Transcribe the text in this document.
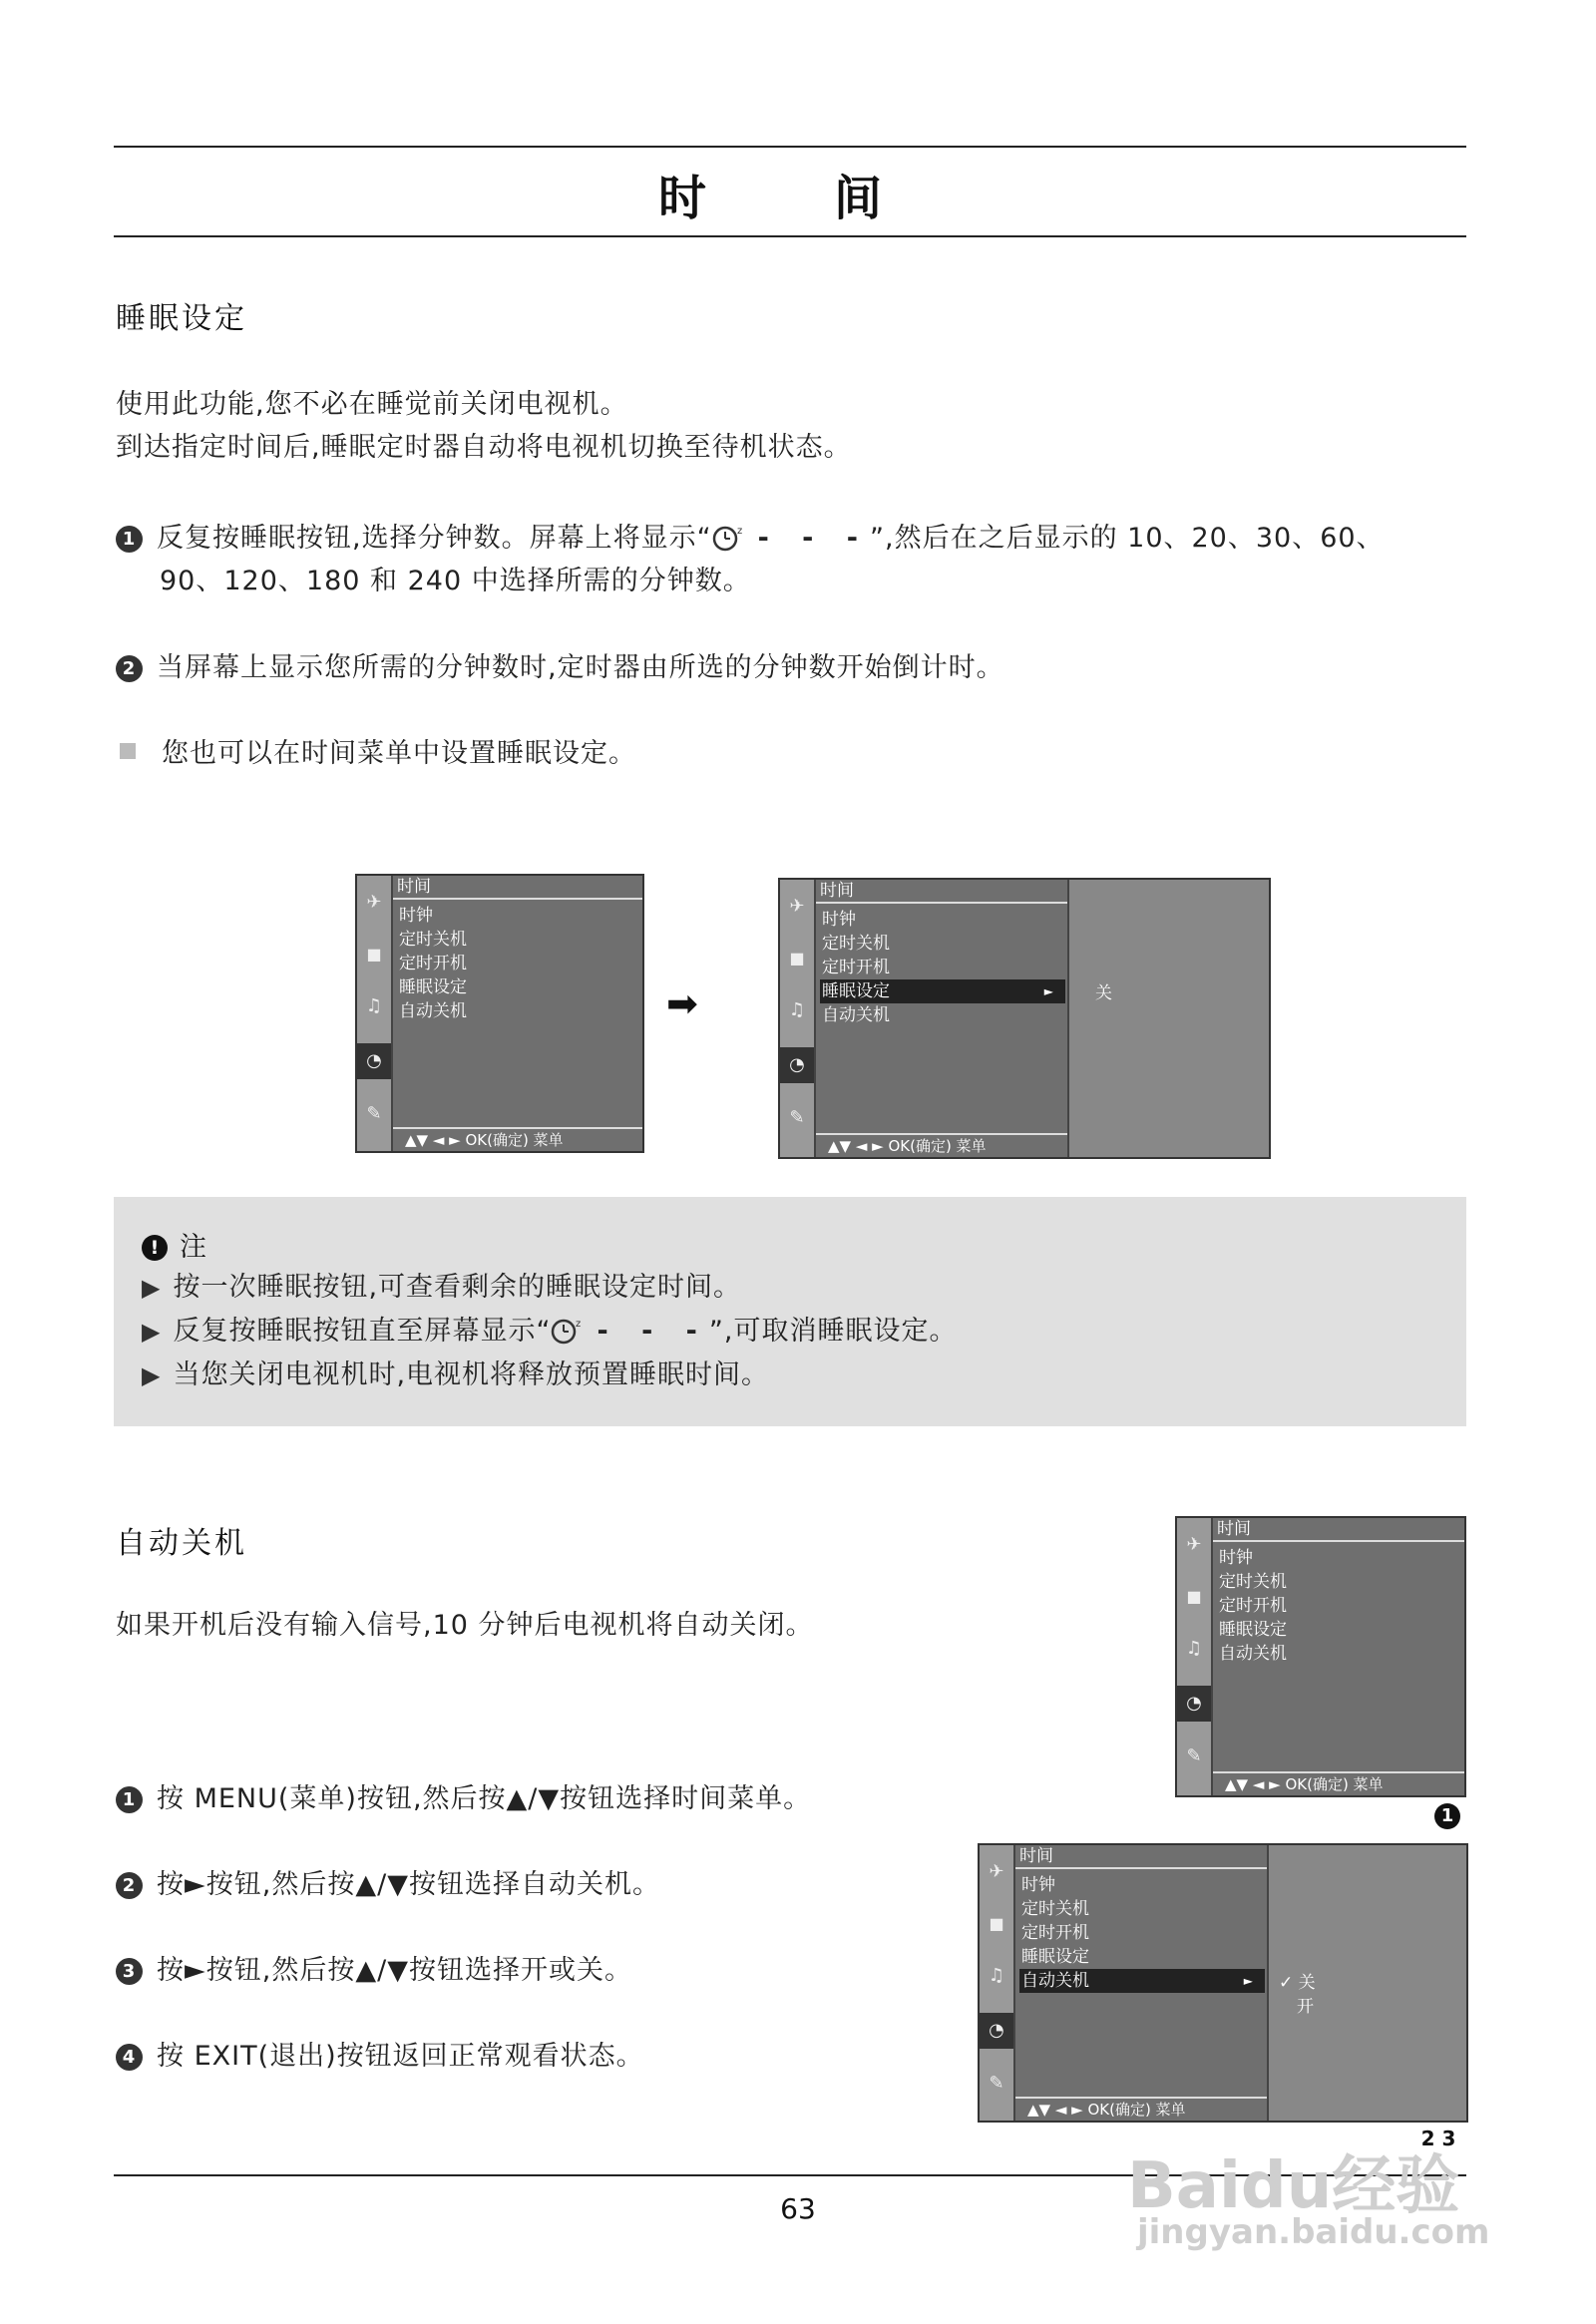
时　间
睡眠设定
使用此功能,您不必在睡觉前关闭电视机。
到达指定时间后,睡眠定时器自动将电视机切换至待机状态。
1 反复按睡眠按钮,选择分钟数。屏幕上将显示“	z - - -”,然后在之后显示的 10、20、30、60、
90、120、180 和 240 中选择所需的分钟数。
2 当屏幕上显示您所需的分钟数时,定时器由所选的分钟数开始倒计时。
您也可以在时间菜单中设置睡眠设定。
✈
■
♫
◔
✎
时间
时钟
定时关机
定时开机
睡眠设定
自动关机
▲▼ ◄ ► OK(确定) 菜单
➡
✈
■
♫
◔
✎
时间
时钟
定时关机
定时开机
睡眠设定	►
自动关机
▲▼ ◄ ► OK(确定) 菜单
关
! 注
▶ 按一次睡眠按钮,可查看剩余的睡眠设定时间。
▶ 反复按睡眠按钮直至屏幕显示“	z - - -”,可取消睡眠设定。
▶ 当您关闭电视机时,电视机将释放预置睡眠时间。
自动关机
如果开机后没有输入信号,10 分钟后电视机将自动关闭。
1 按 MENU(菜单)按钮,然后按▲/▼按钮选择时间菜单。
2 按►按钮,然后按▲/▼按钮选择自动关机。
3 按►按钮,然后按▲/▼按钮选择开或关。
4 按 EXIT(退出)按钮返回正常观看状态。
✈
■
♫
◔
✎
时间
时钟
定时关机
定时开机
睡眠设定
自动关机
▲▼ ◄ ► OK(确定) 菜单
1
✈
■
♫
◔
✎
时间
时钟
定时关机
定时开机
睡眠设定
自动关机	►
▲▼ ◄ ► OK(确定) 菜单
✓ 关
开
2 3
63	Baidu经验
jingyan.baidu.com
